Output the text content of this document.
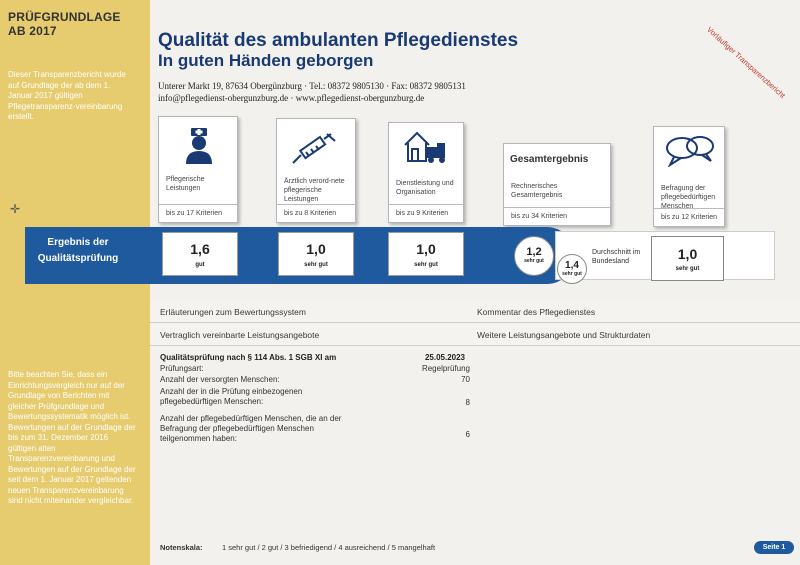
PRÜFGRUNDLAGE
AB 2017
Dieser Transparenzbericht wurde auf Grundlage der ab dem 1. Januar 2017 gültigen Pflegetransparenz-vereinbarung erstellt.
Bitte beachten Sie, dass ein Einrichtungsvergleich nur auf der Grundlage von Berichten mit gleicher Prüfgrundlage und Bewertungssystematik möglich ist. Bewertungen auf der Grundlage der bis zum 31. Dezember 2016 gültigen alten Transparenzvereinbarung und Bewertungen auf der Grundlage der seit dem 1. Januar 2017 geltenden neuen Transparenzvereinbarung sind nicht miteinander vergleichbar.
✛
Qualität des ambulanten Pflegedienstes
In guten Händen geborgen
Unterer Markt 19, 87634 Obergünzburg · Tel.: 08372 9805130 · Fax: 08372 9805131
info@pflegedienst-obergunzburg.de · www.pflegedienst-obergunzburg.de	Vorläufiger Transparenzbericht
Pflegerische Leistungen
bis zu 17 Kriterien
Ärztlich verord-nete pflegerische Leistungen
bis zu 8 Kriterien
Dienstleistung und Organisation
bis zu 9 Kriterien
Gesamtergebnis
Rechnerisches Gesamtergebnis
bis zu 34 Kriterien
Befragung der pflegebedürftigen Menschen
bis zu 12 Kriterien
Ergebnis der Qualitätsprüfung
1,6
gut
1,0
sehr gut
1,0
sehr gut
1,2
sehr gut	1,4
sehr gut
Durchschnitt im Bundesland	1,0
sehr gut
Erläuterungen zum Bewertungssystem	Kommentar des Pflegedienstes
Vertraglich vereinbarte Leistungsangebote	Weitere Leistungsangebote und Strukturdaten
Qualitätsprüfung nach § 114 Abs. 1 SGB XI am	25.05.2023
Prüfungsart:	Regelprüfung
Anzahl der versorgten Menschen:	70
Anzahl der in die Prüfung einbezogenen pflegebedürftigen Menschen:	8
Anzahl der pflegebedürftigen Menschen, die an der Befragung der pflegebedürftigen Menschen teilgenommen haben:	6
Notenskala:	1 sehr gut / 2 gut / 3 befriedigend / 4 ausreichend / 5 mangelhaft	Seite 1
